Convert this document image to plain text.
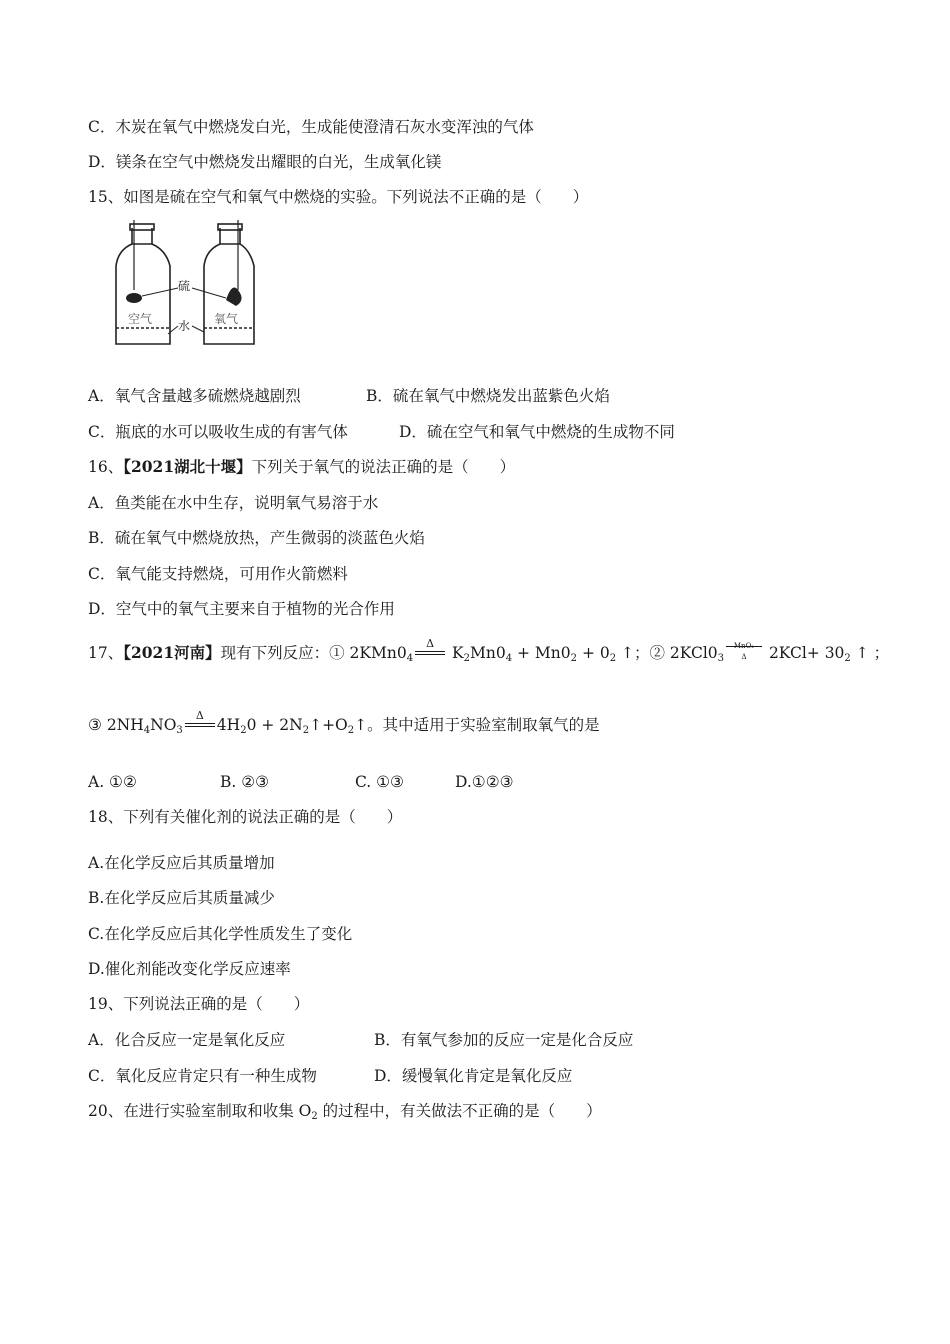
C．木炭在氧气中燃烧发白光，生成能使澄清石灰水变浑浊的气体
D．镁条在空气中燃烧发出耀眼的白光，生成氧化镁
15、如图是硫在空气和氧气中燃烧的实验。下列说法不正确的是（　　）
硫
水
空气	氧气
A．氧气含量越多硫燃烧越剧烈	B．硫在氧气中燃烧发出蓝紫色火焰
C．瓶底的水可以吸收生成的有害气体	D．硫在空气和氧气中燃烧的生成物不同
16、【2021湖北十堰】下列关于氧气的说法正确的是（　　）
A．鱼类能在水中生存，说明氧气易溶于水
B．硫在氧气中燃烧放热，产生微弱的淡蓝色火焰
C．氧气能支持燃烧，可用作火箭燃料
D．空气中的氧气主要来自于植物的光合作用
17、【2021河南】现有下列反应：① $2KMn0_4$
Δ
$K_2Mn0_4 + Mn0_2 + 0_2$ ↑；② $2KCl0_3$
MnO₂
Δ	$2KCl+ 30_2$ ↑ ；
③ $2NH_4NO_3$
Δ
$4H_20$ + $2N_2↑+O_2↑$。其中适用于实验室制取氧气的是
A. ①②	B. ②③	C. ①③	D.①②③
18、下列有关催化剂的说法正确的是（　　）
A.在化学反应后其质量增加
B.在化学反应后其质量减少
C.在化学反应后其化学性质发生了变化
D.催化剂能改变化学反应速率
19、下列说法正确的是（　　）
A．化合反应一定是氧化反应	B．有氧气参加的反应一定是化合反应
C．氧化反应肯定只有一种生成物	D．缓慢氧化肯定是氧化反应
20、在进行实验室制取和收集 $O_2$ 的过程中，有关做法不正确的是（　　）
